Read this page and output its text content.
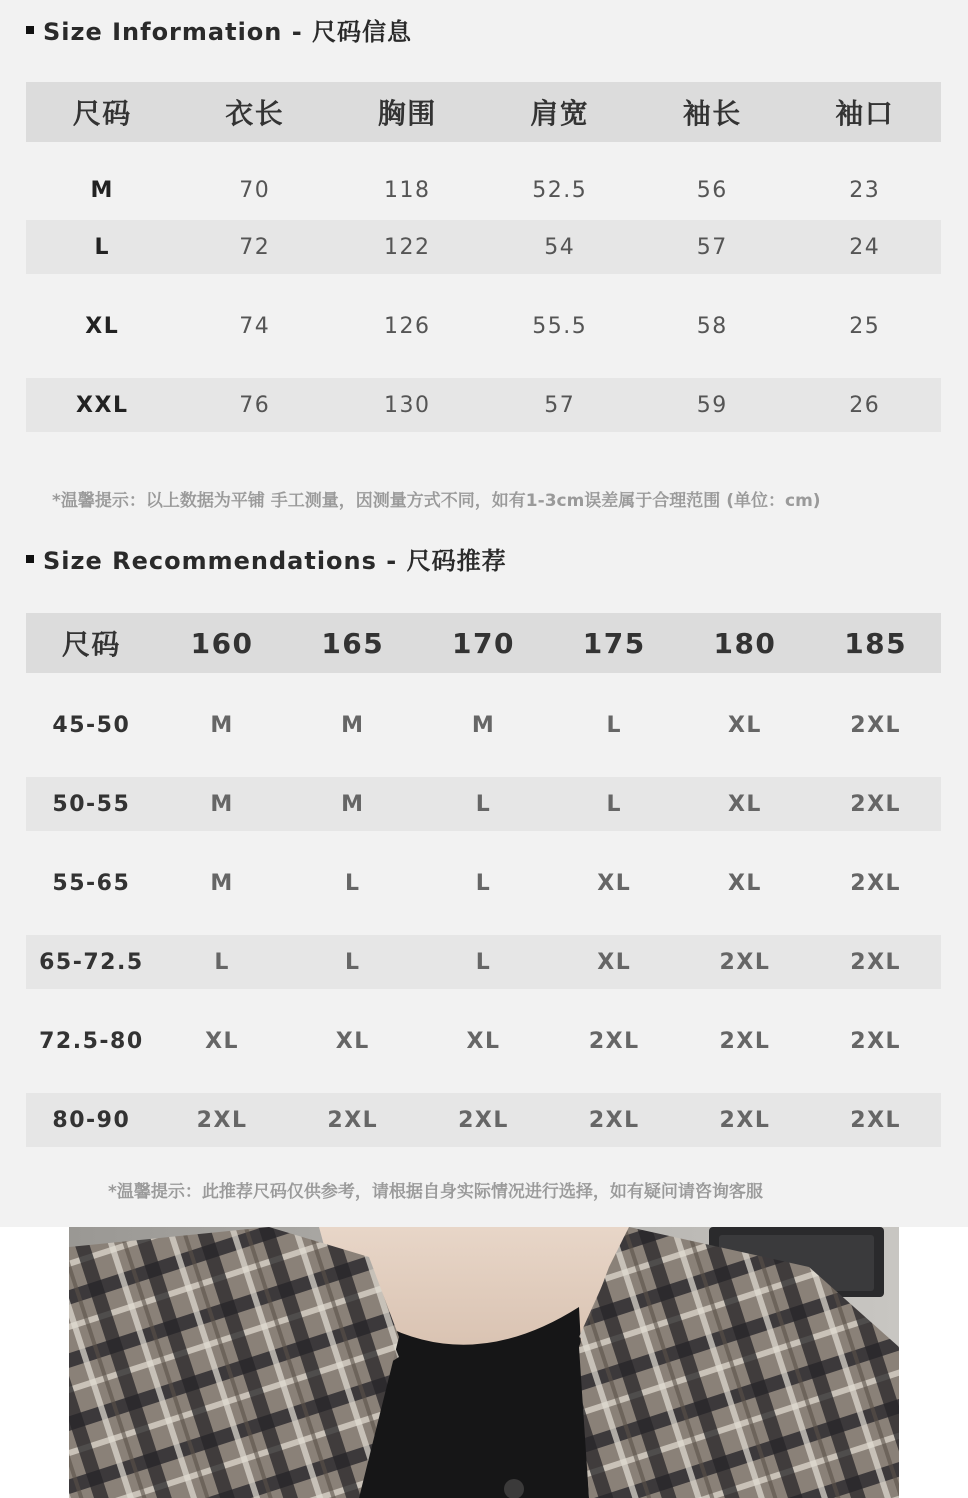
Size Information - 尺码信息
尺码	衣长	胸围	肩宽	袖长	袖口
M	70	118	52.5	56	23
L	72	122	54	57	24
XL	74	126	55.5	58	25
XXL	76	130	57	59	26
*温馨提示：以上数据为平铺 手工测量，因测量方式不同，如有1-3cm误差属于合理范围 (单位：cm)
Size Recommendations - 尺码推荐
尺码	160	165	170	175	180	185
45-50	M	M	M	L	XL	2XL
50-55	M	M	L	L	XL	2XL
55-65	M	L	L	XL	XL	2XL
65-72.5	L	L	L	XL	2XL	2XL
72.5-80	XL	XL	XL	2XL	2XL	2XL
80-90	2XL	2XL	2XL	2XL	2XL	2XL
*温馨提示：此推荐尺码仅供参考，请根据自身实际情况进行选择，如有疑问请咨询客服
